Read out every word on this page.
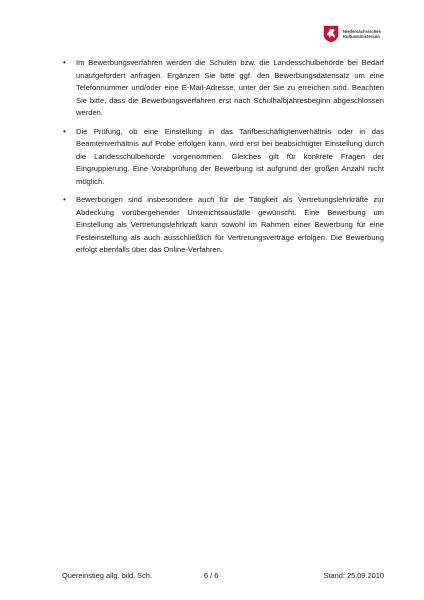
Niedersächsisches
Kultusministerium
• Im Bewerbungsverfahren werden die Schulen bzw. die Landesschulbehörde bei Bedarf unaufgefordert anfragen. Ergänzen Sie bitte ggf. den Bewerbungsdatensatz um eine Telefonnummer und/oder eine E-Mail-Adresse, unter der Sie zu erreichen sind. Beachten Sie bitte, dass die Bewerbungsverfahren erst nach Schulhalbjahresbeginn abgeschlossen werden.

• Die Prüfung, ob eine Einstellung in das Tarifbeschäftigtenverhältnis oder in das Beamtenverhältnis auf Probe erfolgen kann, wird erst bei beabsichtigter Einstellung durch die Landesschulbehörde vorgenommen. Gleiches gilt für konkrete Fragen der Eingruppierung. Eine Vorabprüfung der Bewerbung ist aufgrund der großen Anzahl nicht möglich.

• Bewerbungen sind insbesondere auch für die Tätigkeit als Vertretungslehrkräfte zur Abdeckung vorübergehender Unterrichtsausfälle gewünscht. Eine Bewerbung um Einstellung als Vertretungslehrkraft kann sowohl im Rahmen einer Bewerbung für eine Festeinstellung als auch ausschließlich für Vertretungsverträge erfolgen. Die Bewerbung erfolgt ebenfalls über das Online-Verfahren.

Quereinstieg allg. bild. Sch.	6 / 6	Stand: 25.09.2010
